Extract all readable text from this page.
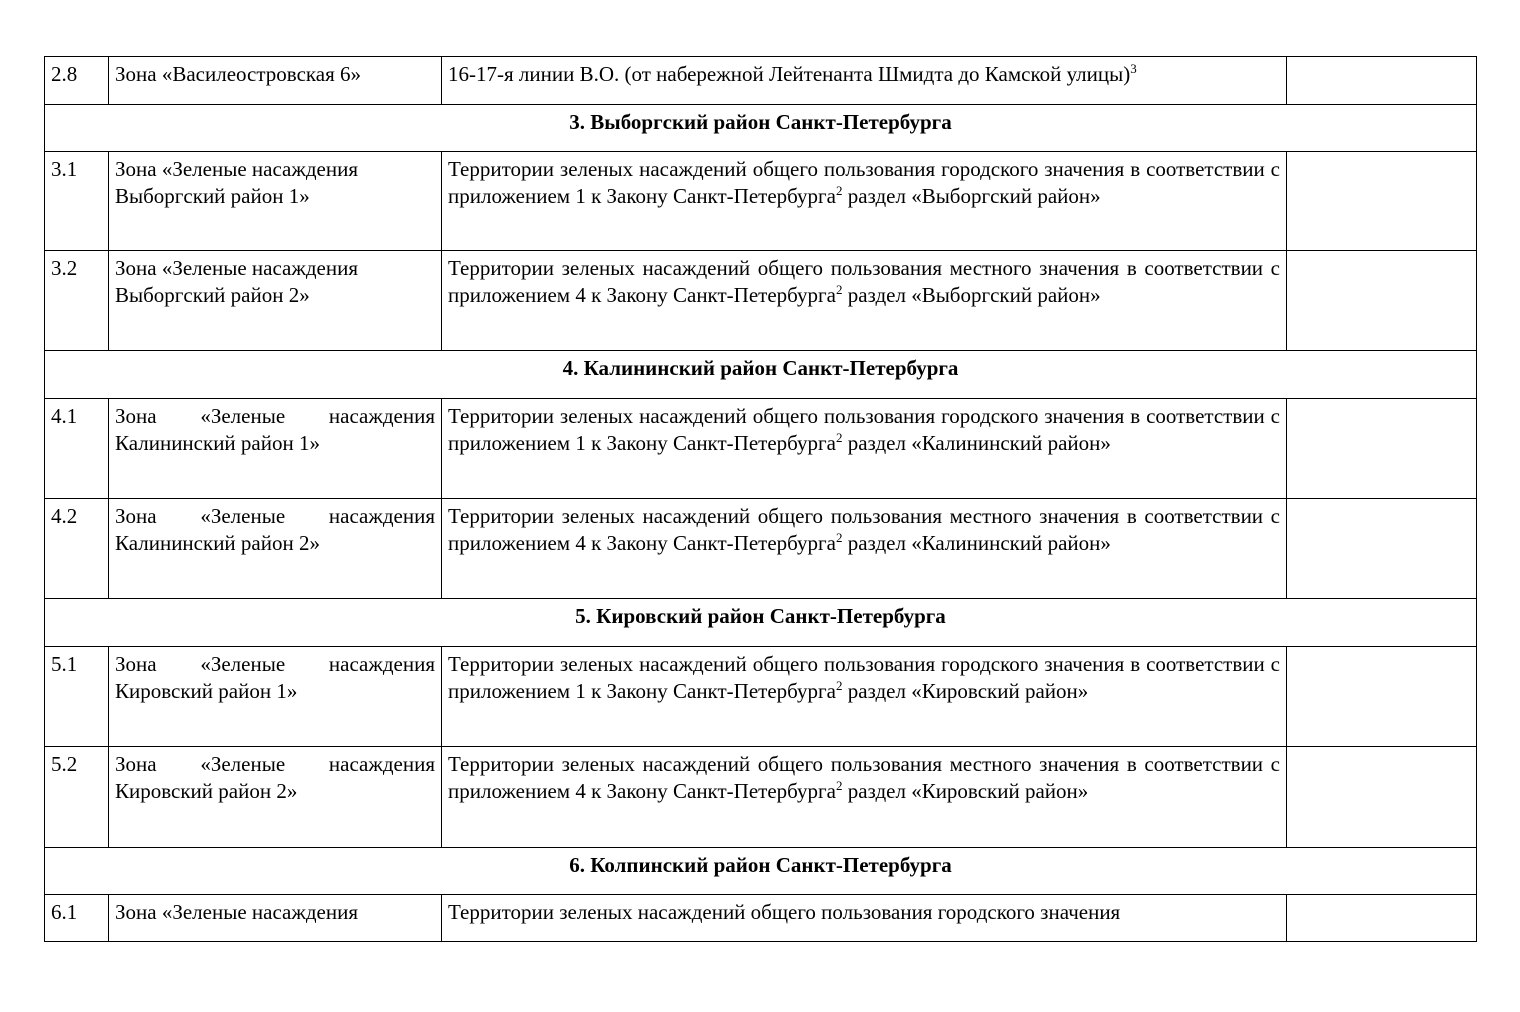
2.8	Зона «Василеостровская 6»	16-17-я линии В.О. (от набережной Лейтенанта Шмидта до Камской улицы)$^3$	
3. Выборгский район Санкт-Петербурга			
3.1	Зона «Зеленые насаждения Выборгский район 1»	Территории зеленых насаждений общего пользования городского значения в соответствии с приложением 1 к Закону Санкт-Петербурга$^2$ раздел «Выборгский район»	
3.2	Зона «Зеленые насаждения Выборгский район 2»	Территории зеленых насаждений общего пользования местного значения в соответствии с приложением 4 к Закону Санкт-Петербурга$^2$ раздел «Выборгский район»	
4. Калининский район Санкт-Петербурга			
4.1	Зона «Зеленые насаждения Калининский район 1»	Территории зеленых насаждений общего пользования городского значения в соответствии с приложением 1 к Закону Санкт-Петербурга$^2$ раздел «Калининский район»	
4.2	Зона «Зеленые насаждения Калининский район 2»	Территории зеленых насаждений общего пользования местного значения в соответствии с приложением 4 к Закону Санкт-Петербурга$^2$ раздел «Калининский район»	
5. Кировский район Санкт-Петербурга			
5.1	Зона «Зеленые насаждения Кировский район 1»	Территории зеленых насаждений общего пользования городского значения в соответствии с приложением 1 к Закону Санкт-Петербурга$^2$ раздел «Кировский район»	
5.2	Зона «Зеленые насаждения Кировский район 2»	Территории зеленых насаждений общего пользования местного значения в соответствии с приложением 4 к Закону Санкт-Петербурга$^2$ раздел «Кировский район»	
6. Колпинский район Санкт-Петербурга			
6.1	Зона «Зеленые насаждения	Территории зеленых насаждений общего пользования городского значения	
